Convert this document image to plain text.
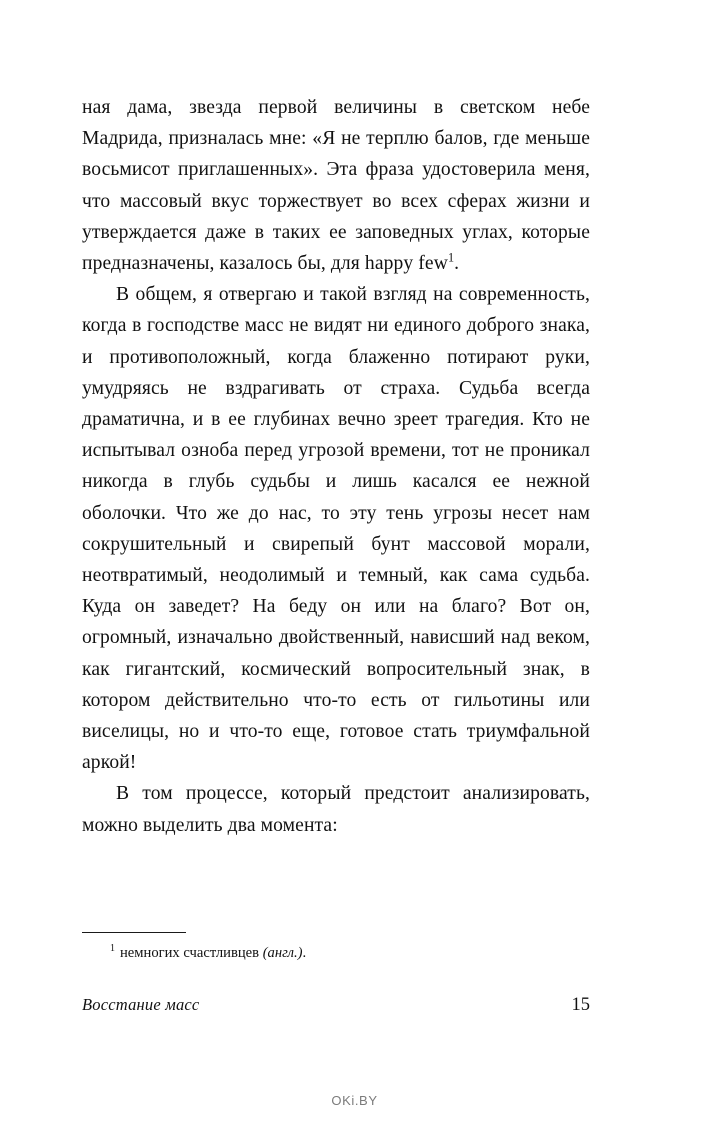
ная дама, звезда первой величины в светском небе Мадрида, призналась мне: «Я не терплю балов, где меньше восьмисот приглашенных». Эта фраза удостоверила меня, что массовый вкус торжествует во всех сферах жизни и утверждается даже в таких ее заповедных углах, которые предназначены, казалось бы, для happy few$^1$.

В общем, я отвергаю и такой взгляд на современность, когда в господстве масс не видят ни единого доброго знака, и противоположный, когда блаженно потирают руки, умудряясь не вздрагивать от страха. Судьба всегда драматична, и в ее глубинах вечно зреет трагедия. Кто не испытывал озноба перед угрозой времени, тот не проникал никогда в глубь судьбы и лишь касался ее нежной оболочки. Что же до нас, то эту тень угрозы несет нам сокрушительный и свирепый бунт массовой морали, неотвратимый, неодолимый и темный, как сама судьба. Куда он заведет? На беду он или на благо? Вот он, огромный, изначально двойственный, нависший над веком, как гигантский, космический вопросительный знак, в котором действительно что-то есть от гильотины или виселицы, но и что-то еще, готовое стать триумфальной аркой!

В том процессе, который предстоит анализировать, можно выделить два момента:

$^1$ немногих счастливцев (англ.).

Восстание масс	15
OKi.BY
